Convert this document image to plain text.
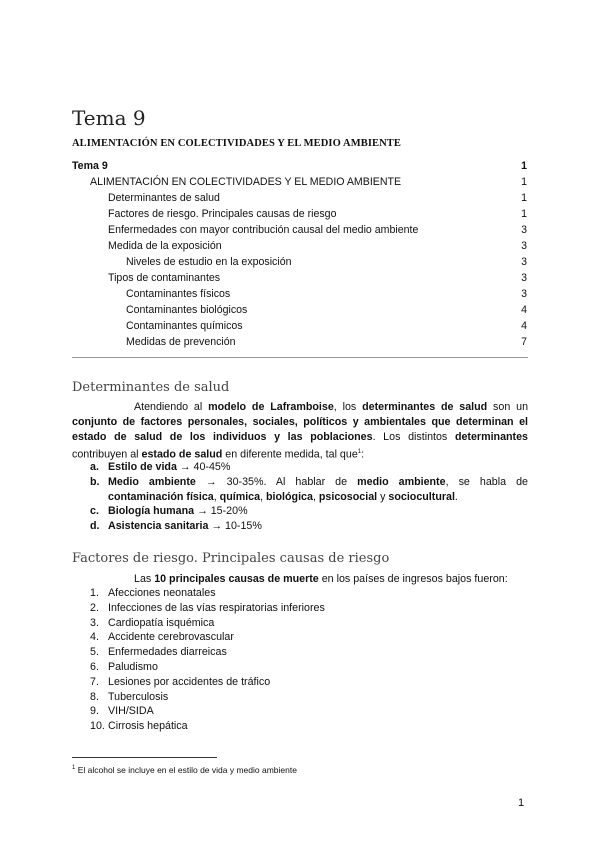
Tema 9
ALIMENTACIÓN EN COLECTIVIDADES Y EL MEDIO AMBIENTE
Tema 9	1
ALIMENTACIÓN EN COLECTIVIDADES Y EL MEDIO AMBIENTE	1
Determinantes de salud	1
Factores de riesgo. Principales causas de riesgo	1
Enfermedades con mayor contribución causal del medio ambiente	3
Medida de la exposición	3
Niveles de estudio en la exposición	3
Tipos de contaminantes	3
Contaminantes físicos	3
Contaminantes biológicos	4
Contaminantes químicos	4
Medidas de prevención	7
Determinantes de salud

Atendiendo al modelo de Laframboise, los determinantes de salud son un conjunto de factores personales, sociales, políticos y ambientales que determinan el estado de salud de los individuos y las poblaciones. Los distintos determinantes contribuyen al estado de salud en diferente medida, tal que$^1$:

a. Estilo de vida → 40-45%
b. Medio ambiente → 30-35%. Al hablar de medio ambiente, se habla de contaminación física, química, biológica, psicosocial y sociocultural.
c. Biología humana → 15-20%
d. Asistencia sanitaria → 10-15%
Factores de riesgo. Principales causas de riesgo
Las 10 principales causas de muerte en los países de ingresos bajos fueron:
1. Afecciones neonatales
2. Infecciones de las vías respiratorias inferiores
3. Cardiopatía isquémica
4. Accidente cerebrovascular
5. Enfermedades diarreicas
6. Paludismo
7. Lesiones por accidentes de tráfico
8. Tuberculosis
9. VIH/SIDA
10. Cirrosis hepática
$^1$ El alcohol se incluye en el estilo de vida y medio ambiente
1
